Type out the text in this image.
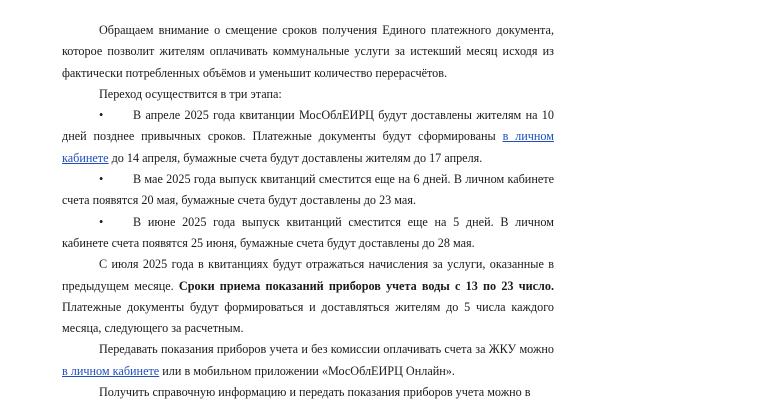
Обращаем внимание о смещение сроков получения Единого платежного документа, которое позволит жителям оплачивать коммунальные услуги за истекший месяц исходя из фактически потребленных объёмов и уменьшит количество перерасчётов.

Переход осуществится в три этапа:

• В апреле 2025 года квитанции МосОблЕИРЦ будут доставлены жителям на 10 дней позднее привычных сроков. Платежные документы будут сформированы в личном кабинете до 14 апреля, бумажные счета будут доставлены жителям до 17 апреля.

• В мае 2025 года выпуск квитанций сместится еще на 6 дней. В личном кабинете счета появятся 20 мая, бумажные счета будут доставлены до 23 мая.

• В июне 2025 года выпуск квитанций сместится еще на 5 дней. В личном кабинете счета появятся 25 июня, бумажные счета будут доставлены до 28 мая.

С июля 2025 года в квитанциях будут отражаться начисления за услуги, оказанные в предыдущем месяце. Сроки приема показаний приборов учета воды с 13 по 23 число. Платежные документы будут формироваться и доставляться жителям до 5 числа каждого месяца, следующего за расчетным.

Передавать показания приборов учета и без комиссии оплачивать счета за ЖКУ можно в личном кабинете или в мобильном приложении «МосОблЕИРЦ Онлайн».

Получить справочную информацию и передать показания приборов учета можно в
